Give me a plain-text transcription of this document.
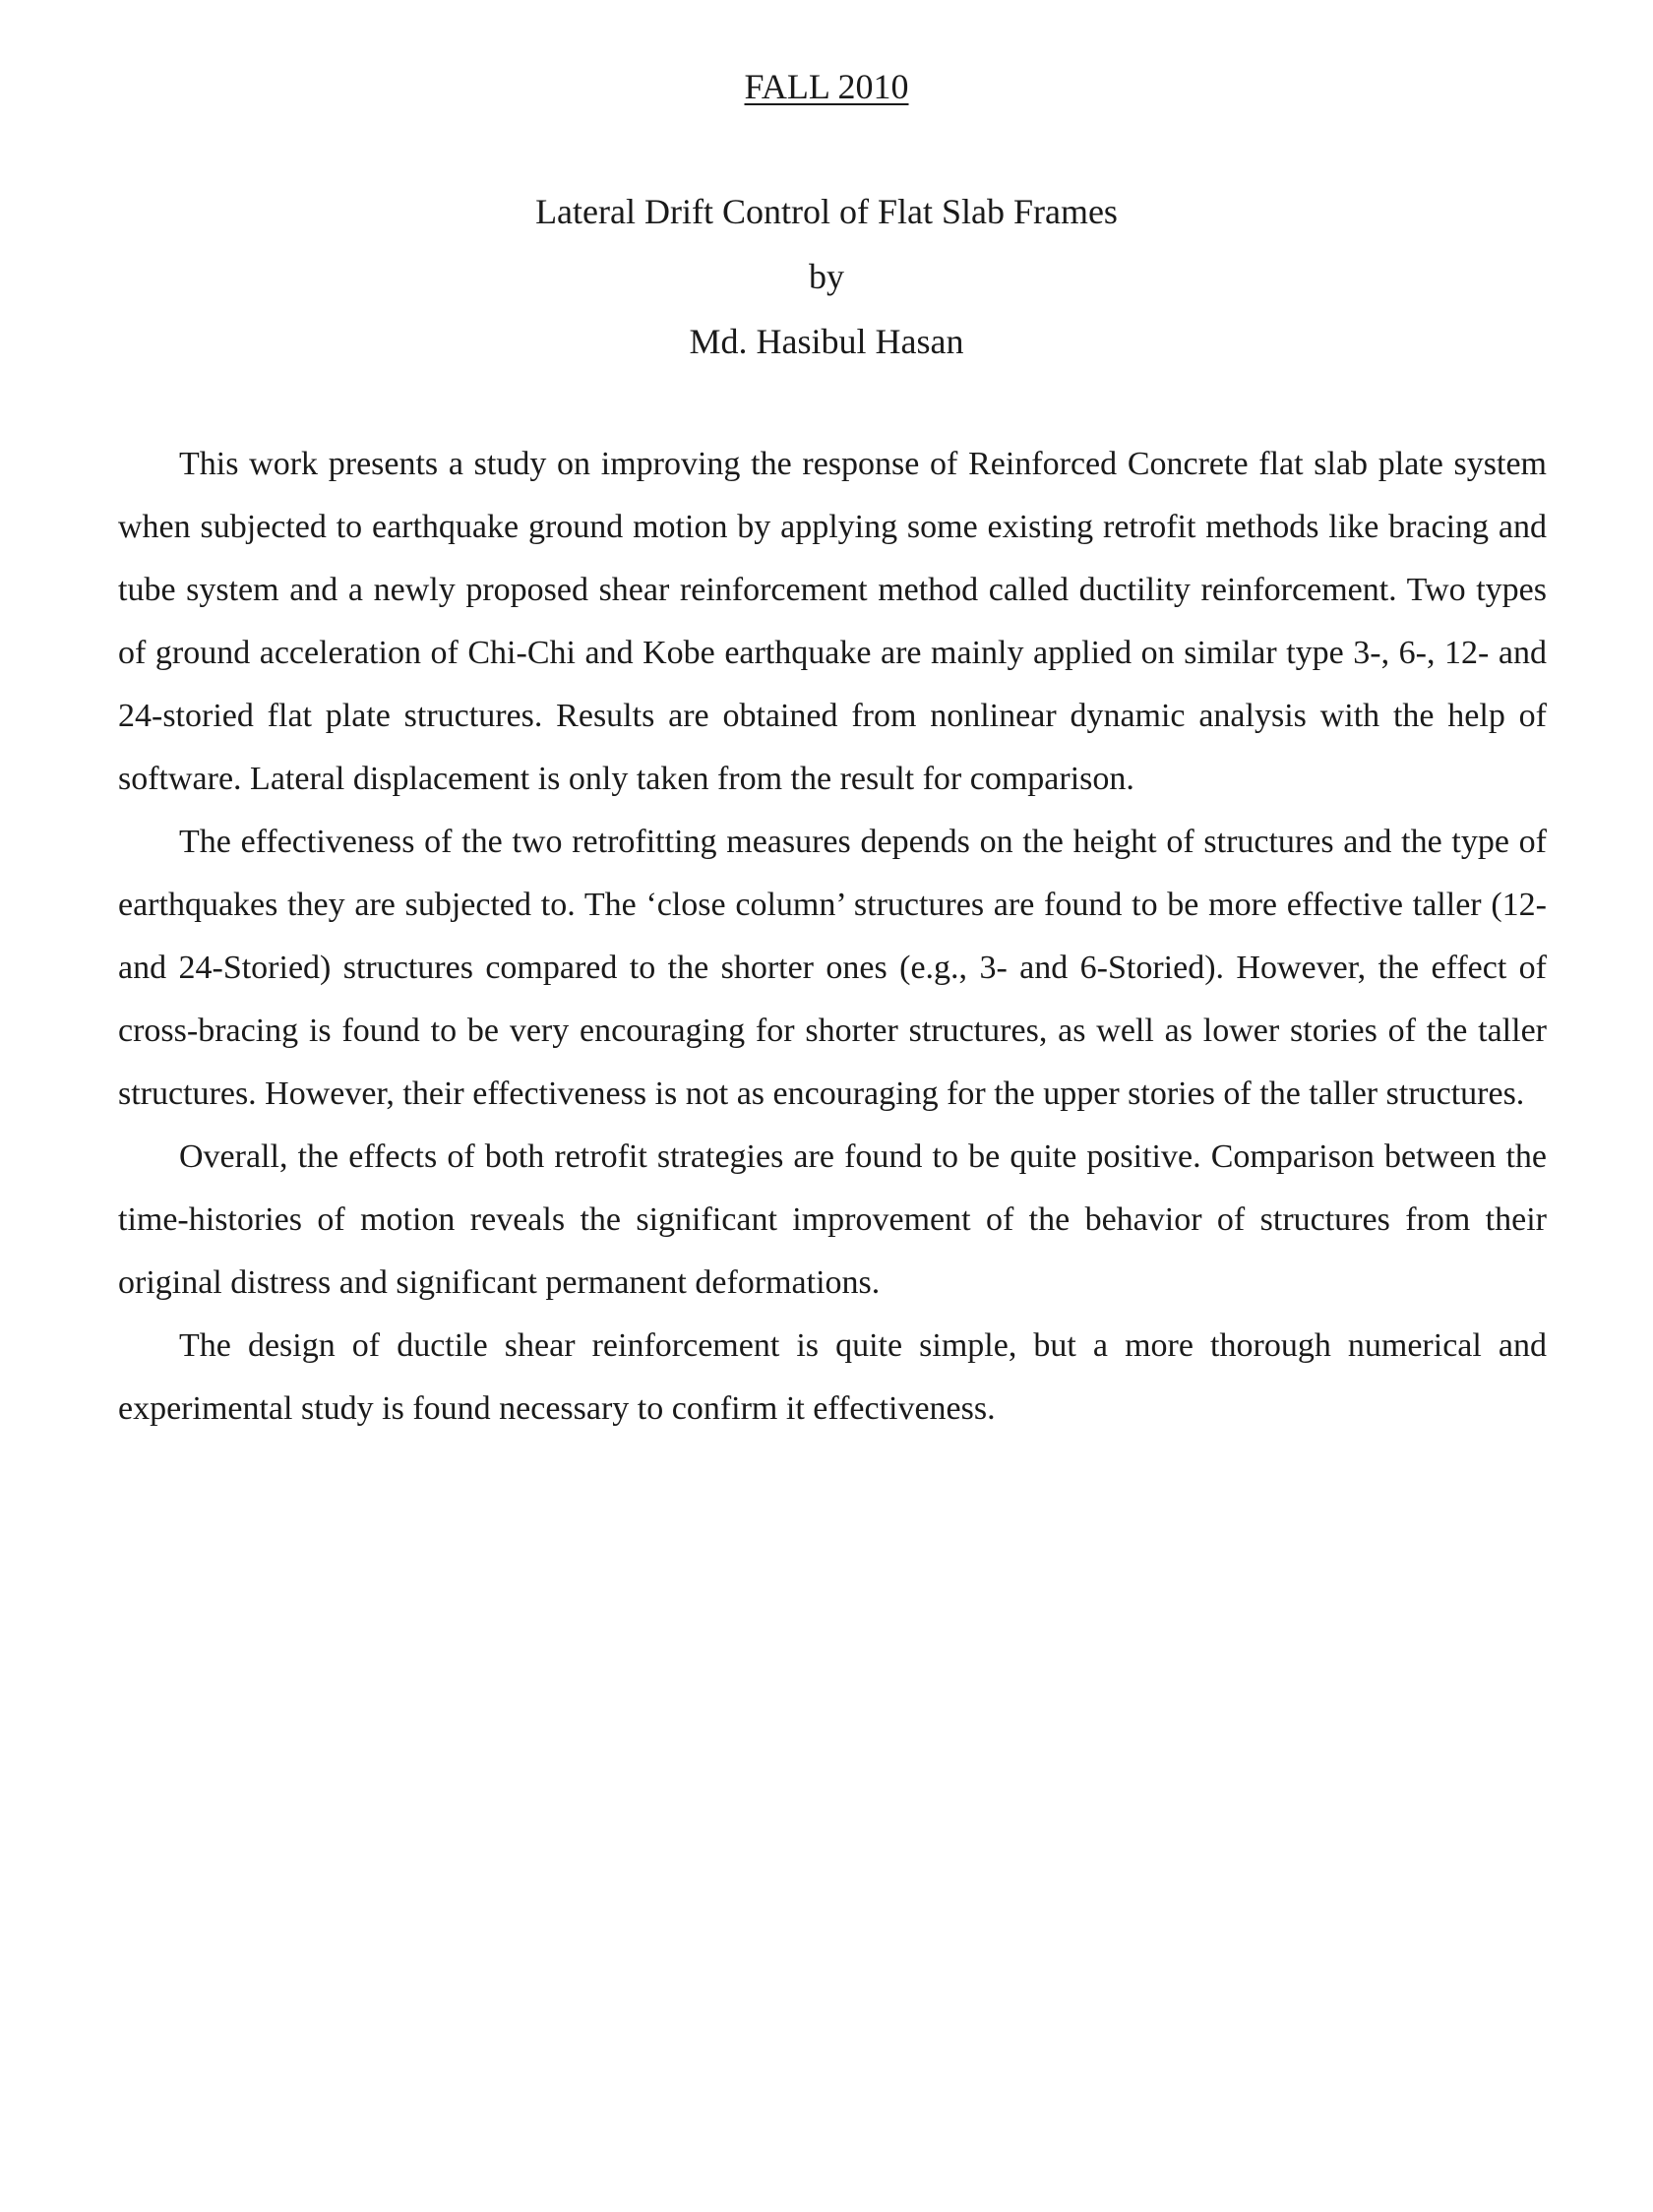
FALL 2010
Lateral Drift Control of Flat Slab Frames
by
Md. Hasibul Hasan

This work presents a study on improving the response of Reinforced Concrete flat slab plate system when subjected to earthquake ground motion by applying some existing retrofit methods like bracing and tube system and a newly proposed shear reinforcement method called ductility reinforcement. Two types of ground acceleration of Chi-Chi and Kobe earthquake are mainly applied on similar type 3-, 6-, 12- and 24-storied flat plate structures. Results are obtained from nonlinear dynamic analysis with the help of software. Lateral displacement is only taken from the result for comparison.

The effectiveness of the two retrofitting measures depends on the height of structures and the type of earthquakes they are subjected to. The ‘close column’ structures are found to be more effective taller (12- and 24-Storied) structures compared to the shorter ones (e.g., 3- and 6-Storied). However, the effect of cross-bracing is found to be very encouraging for shorter structures, as well as lower stories of the taller structures. However, their effectiveness is not as encouraging for the upper stories of the taller structures.

Overall, the effects of both retrofit strategies are found to be quite positive. Comparison between the time-histories of motion reveals the significant improvement of the behavior of structures from their original distress and significant permanent deformations.

The design of ductile shear reinforcement is quite simple, but a more thorough numerical and experimental study is found necessary to confirm it effectiveness.
